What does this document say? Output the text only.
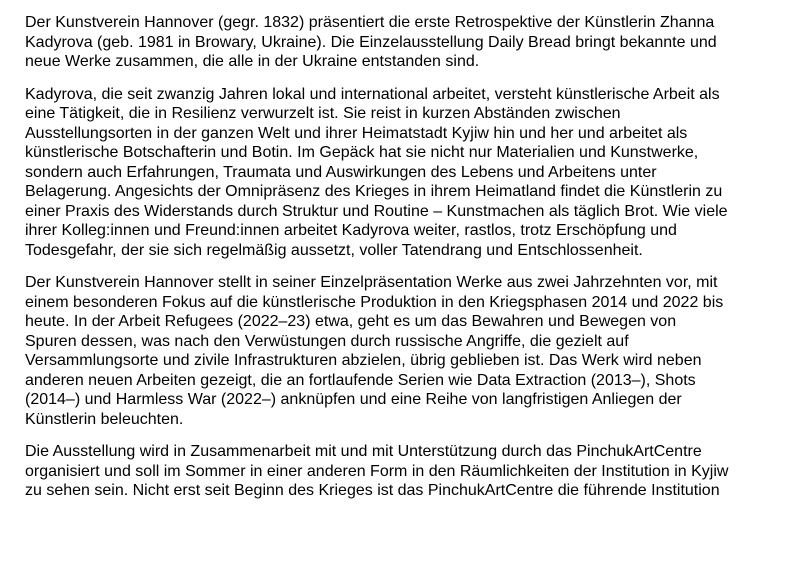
Der Kunstverein Hannover (gegr. 1832) präsentiert die erste Retrospektive der Künstlerin Zhanna
Kadyrova (geb. 1981 in Browary, Ukraine). Die Einzelausstellung Daily Bread bringt bekannte und
neue Werke zusammen, die alle in der Ukraine entstanden sind.

Kadyrova, die seit zwanzig Jahren lokal und international arbeitet, versteht künstlerische Arbeit als
eine Tätigkeit, die in Resilienz verwurzelt ist. Sie reist in kurzen Abständen zwischen
Ausstellungsorten in der ganzen Welt und ihrer Heimatstadt Kyjiw hin und her und arbeitet als
künstlerische Botschafterin und Botin. Im Gepäck hat sie nicht nur Materialien und Kunstwerke,
sondern auch Erfahrungen, Traumata und Auswirkungen des Lebens und Arbeitens unter
Belagerung. Angesichts der Omnipräsenz des Krieges in ihrem Heimatland findet die Künstlerin zu
einer Praxis des Widerstands durch Struktur und Routine – Kunstmachen als täglich Brot. Wie viele
ihrer Kolleg:innen und Freund:innen arbeitet Kadyrova weiter, rastlos, trotz Erschöpfung und
Todesgefahr, der sie sich regelmäßig aussetzt, voller Tatendrang und Entschlossenheit.

Der Kunstverein Hannover stellt in seiner Einzelpräsentation Werke aus zwei Jahrzehnten vor, mit
einem besonderen Fokus auf die künstlerische Produktion in den Kriegsphasen 2014 und 2022 bis
heute. In der Arbeit Refugees (2022–23) etwa, geht es um das Bewahren und Bewegen von
Spuren dessen, was nach den Verwüstungen durch russische Angriffe, die gezielt auf
Versammlungsorte und zivile Infrastrukturen abzielen, übrig geblieben ist. Das Werk wird neben
anderen neuen Arbeiten gezeigt, die an fortlaufende Serien wie Data Extraction (2013–), Shots
(2014–) und Harmless War (2022–) anknüpfen und eine Reihe von langfristigen Anliegen der
Künstlerin beleuchten.

Die Ausstellung wird in Zusammenarbeit mit und mit Unterstützung durch das PinchukArtCentre
organisiert und soll im Sommer in einer anderen Form in den Räumlichkeiten der Institution in Kyjiw
zu sehen sein. Nicht erst seit Beginn des Krieges ist das PinchukArtCentre die führende Institution
